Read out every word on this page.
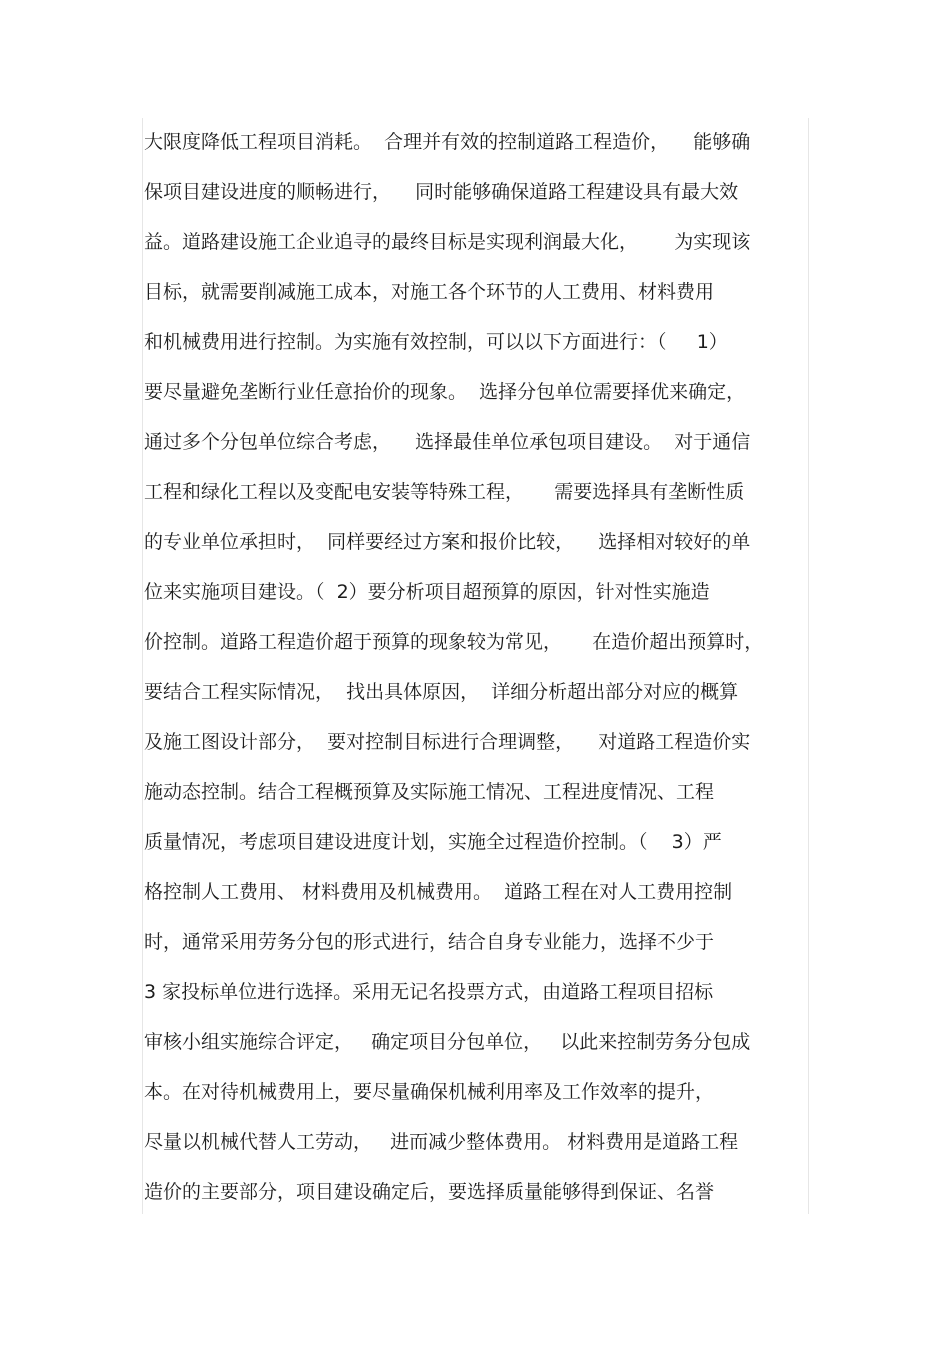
大限度降低工程项目消耗。  合理并有效的控制道路工程造价，    能够确
保项目建设进度的顺畅进行，    同时能够确保道路工程建设具有最大效
益。道路建设施工企业追寻的最终目标是实现利润最大化，      为实现该
目标，就需要削减施工成本，对施工各个环节的人工费用、材料费用
和机械费用进行控制。为实施有效控制，可以以下方面进行：（     1）
要尽量避免垄断行业任意抬价的现象。  选择分包单位需要择优来确定，
通过多个分包单位综合考虑，    选择最佳单位承包项目建设。  对于通信
工程和绿化工程以及变配电安装等特殊工程，     需要选择具有垄断性质
的专业单位承担时，  同样要经过方案和报价比较，    选择相对较好的单
位来实施项目建设。（  2）要分析项目超预算的原因，针对性实施造
价控制。道路工程造价超于预算的现象较为常见，     在造价超出预算时，
要结合工程实际情况，  找出具体原因，  详细分析超出部分对应的概算
及施工图设计部分，  要对控制目标进行合理调整，    对道路工程造价实
施动态控制。结合工程概预算及实际施工情况、工程进度情况、工程
质量情况，考虑项目建设进度计划，实施全过程造价控制。（    3）严
格控制人工费用、 材料费用及机械费用。  道路工程在对人工费用控制
时，通常采用劳务分包的形式进行，结合自身专业能力，选择不少于
3 家投标单位进行选择。采用无记名投票方式，由道路工程项目招标
审核小组实施综合评定，   确定项目分包单位，   以此来控制劳务分包成
本。在对待机械费用上，要尽量确保机械利用率及工作效率的提升，
尽量以机械代替人工劳动，   进而减少整体费用。 材料费用是道路工程
造价的主要部分，项目建设确定后，要选择质量能够得到保证、名誉
